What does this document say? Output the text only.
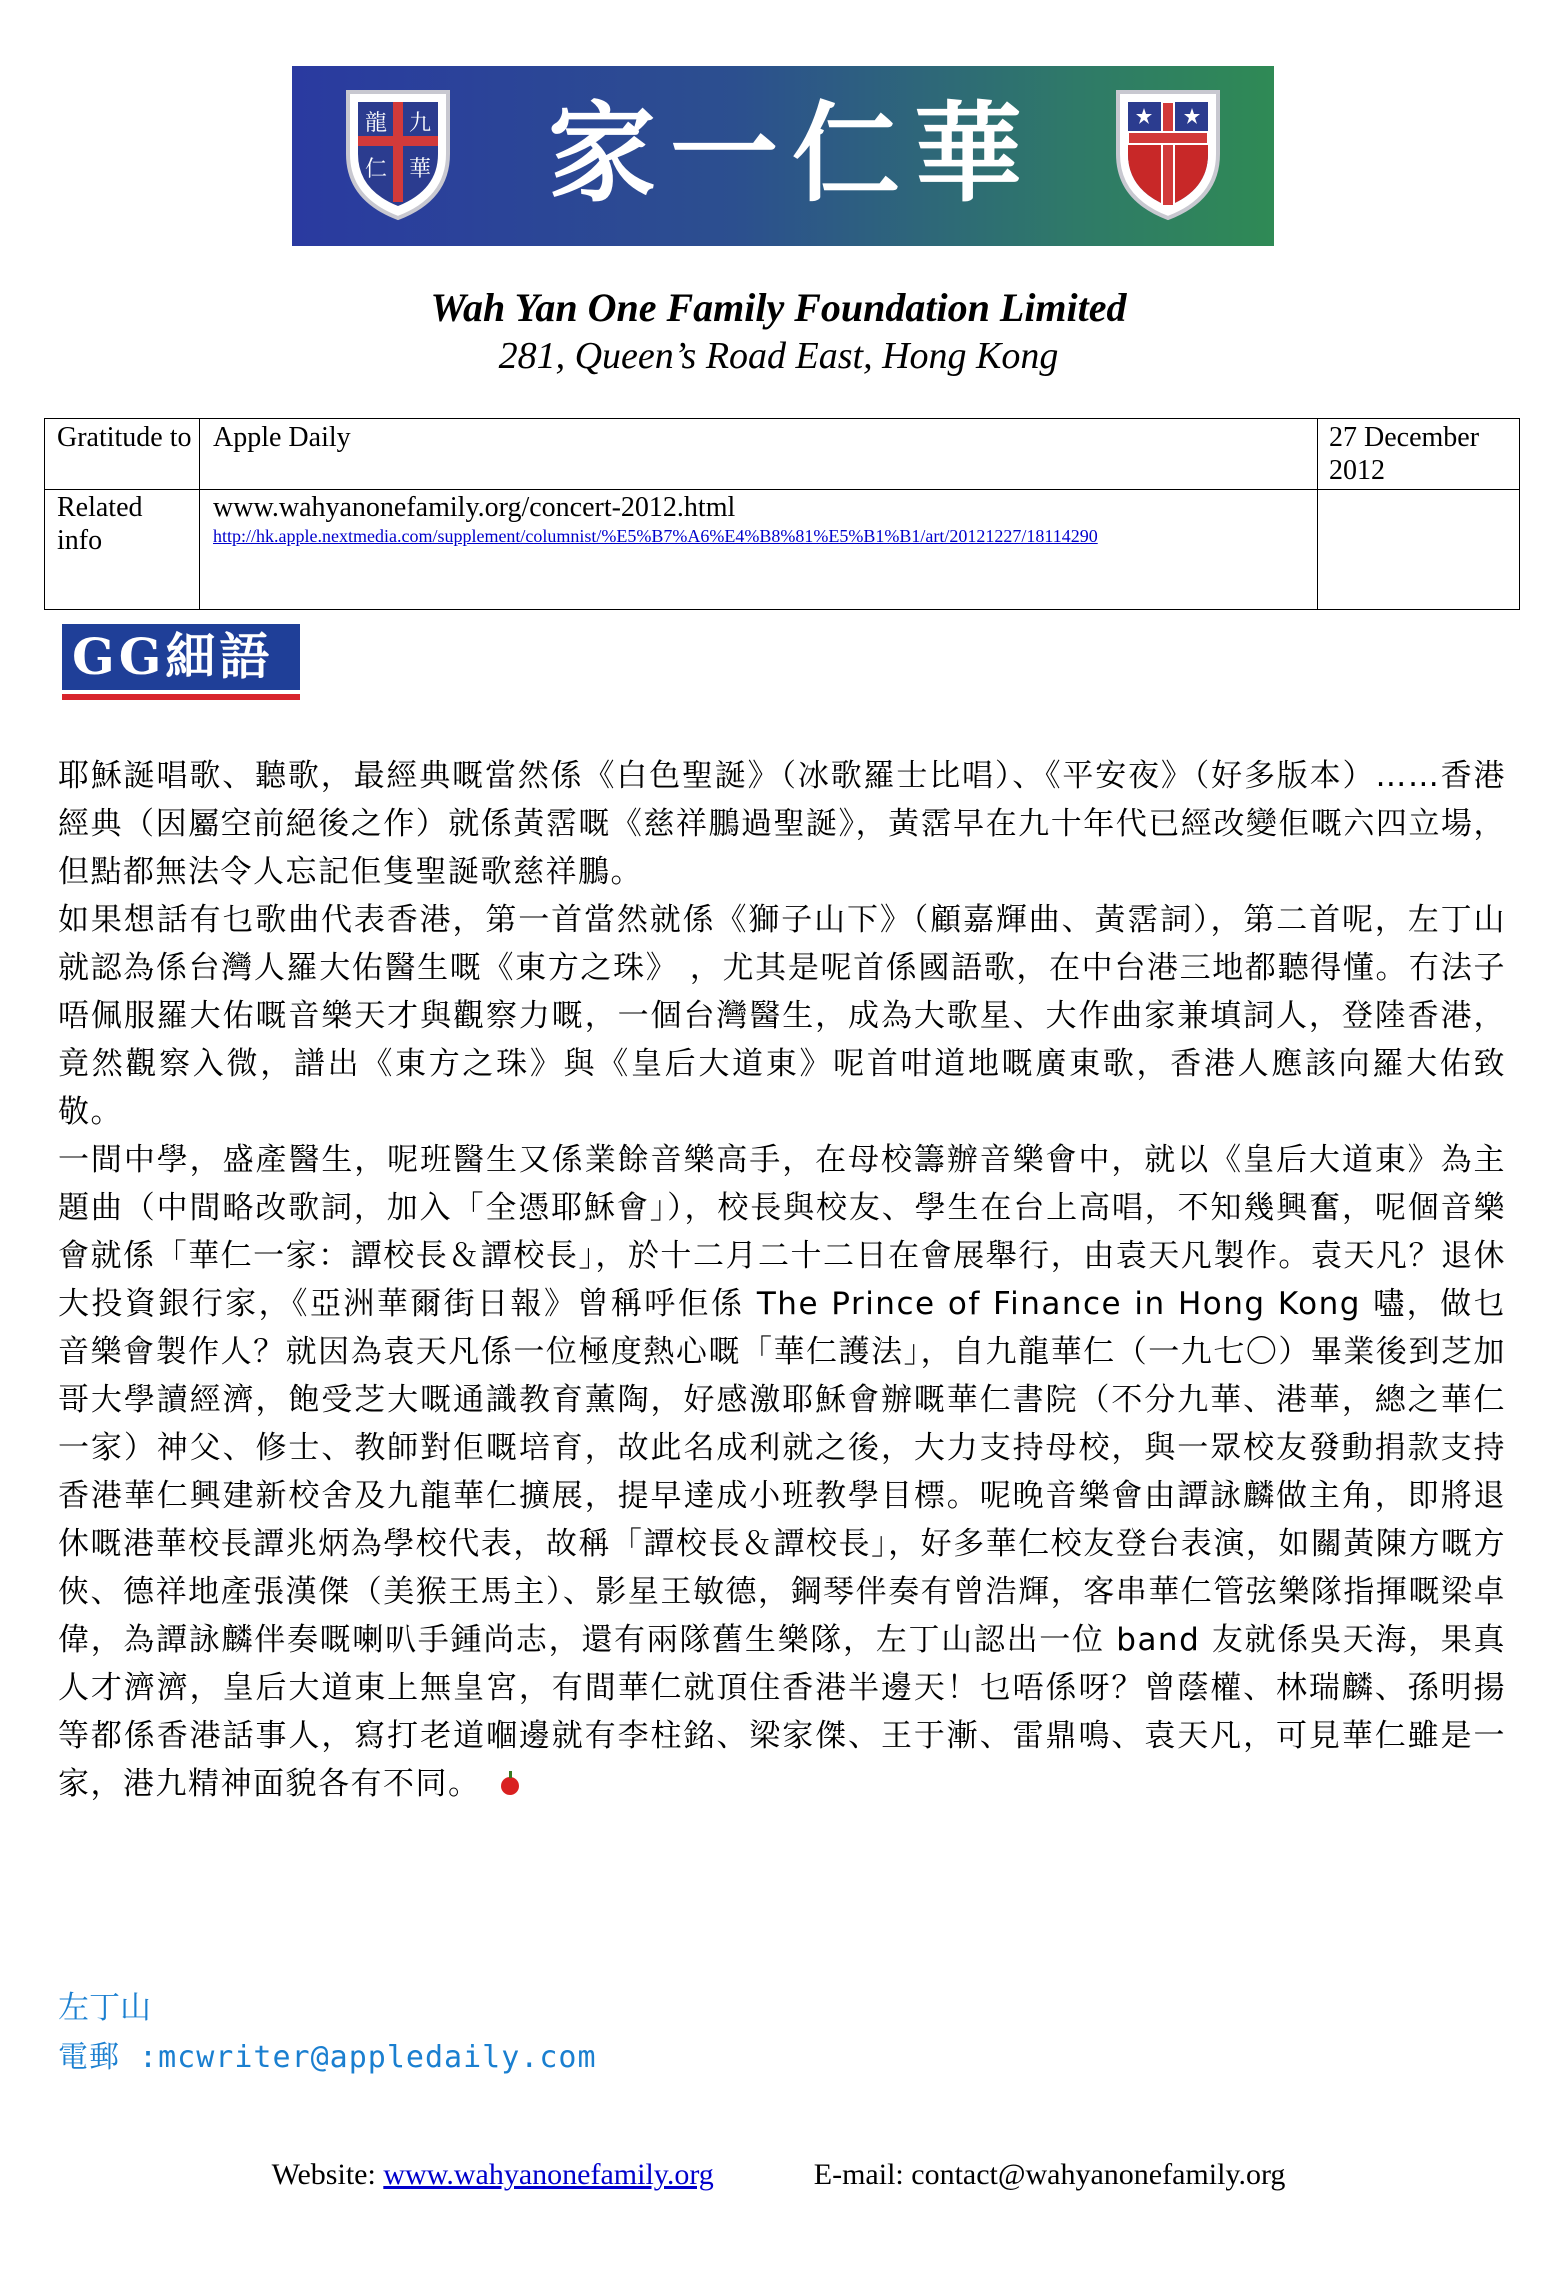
龍 九
仁 華 家一仁華
Wah Yan One Family Foundation Limited
281, Queen’s Road East, Hong Kong
Gratitude to Apple Daily	27 December 2012
Related info
www.wahyanonefamily.org/concert-2012.html
http://hk.apple.nextmedia.com/supplement/columnist/%E5%B7%A6%E4%B8%81%E5%B1%B1/art/20121227/18114290
GG細語

耶穌誕唱歌、聽歌，最經典嘅當然係《白色聖誕》（冰歌羅士比唱）、《平安夜》（好多版本）……香港經典（因屬空前絕後之作）就係黃霑嘅《慈祥鵬過聖誕》，黃霑早在九十年代已經改變佢嘅六四立場，但點都無法令人忘記佢隻聖誕歌慈祥鵬。

如果想話有乜歌曲代表香港，第一首當然就係《獅子山下》（顧嘉輝曲、黃霑詞），第二首呢，左丁山就認為係台灣人羅大佑醫生嘅《東方之珠》 ，尤其是呢首係國語歌，在中台港三地都聽得懂。冇法子唔佩服羅大佑嘅音樂天才與觀察力嘅，一個台灣醫生，成為大歌星、大作曲家兼填詞人，登陸香港，竟然觀察入微，譜出《東方之珠》與《皇后大道東》呢首咁道地嘅廣東歌，香港人應該向羅大佑致敬。

一間中學，盛產醫生，呢班醫生又係業餘音樂高手，在母校籌辦音樂會中，就以《皇后大道東》為主題曲（中間略改歌詞，加入「全憑耶穌會」），校長與校友、學生在台上高唱，不知幾興奮，呢個音樂會就係「華仁一家：譚校長＆譚校長」，於十二月二十二日在會展舉行，由袁天凡製作。袁天凡？退休大投資銀行家，《亞洲華爾街日報》曾稱呼佢係 The Prince of Finance in Hong Kong 嚍，做乜音樂會製作人？就因為袁天凡係一位極度熱心嘅「華仁護法」，自九龍華仁（一九七〇）畢業後到芝加哥大學讀經濟，飽受芝大嘅通識教育薰陶，好感激耶穌會辦嘅華仁書院（不分九華、港華，總之華仁一家）神父、修士、教師對佢嘅培育，故此名成利就之後，大力支持母校，與一眾校友發動捐款支持香港華仁興建新校舍及九龍華仁擴展，提早達成小班教學目標。呢晚音樂會由譚詠麟做主角，即將退休嘅港華校長譚兆炳為學校代表，故稱「譚校長＆譚校長」，好多華仁校友登台表演，如關黃陳方嘅方俠、德祥地產張漢傑（美猴王馬主）、影星王敏德，鋼琴伴奏有曾浩輝，客串華仁管弦樂隊指揮嘅梁卓偉，為譚詠麟伴奏嘅喇叭手鍾尚志，還有兩隊舊生樂隊，左丁山認出一位 band 友就係吳天海，果真人才濟濟，皇后大道東上無皇宮，有間華仁就頂住香港半邊天！乜唔係呀？曾蔭權、林瑞麟、孫明揚等都係香港話事人，寫打老道嗰邊就有李柱銘、梁家傑、王于漸、雷鼎鳴、袁天凡，可見華仁雖是一家，港九精神面貌各有不同。

左丁山
電郵 :mcwriter@appledaily.com
Website: www.wahyanonefamily.org	E-mail: contact@wahyanonefamily.org
